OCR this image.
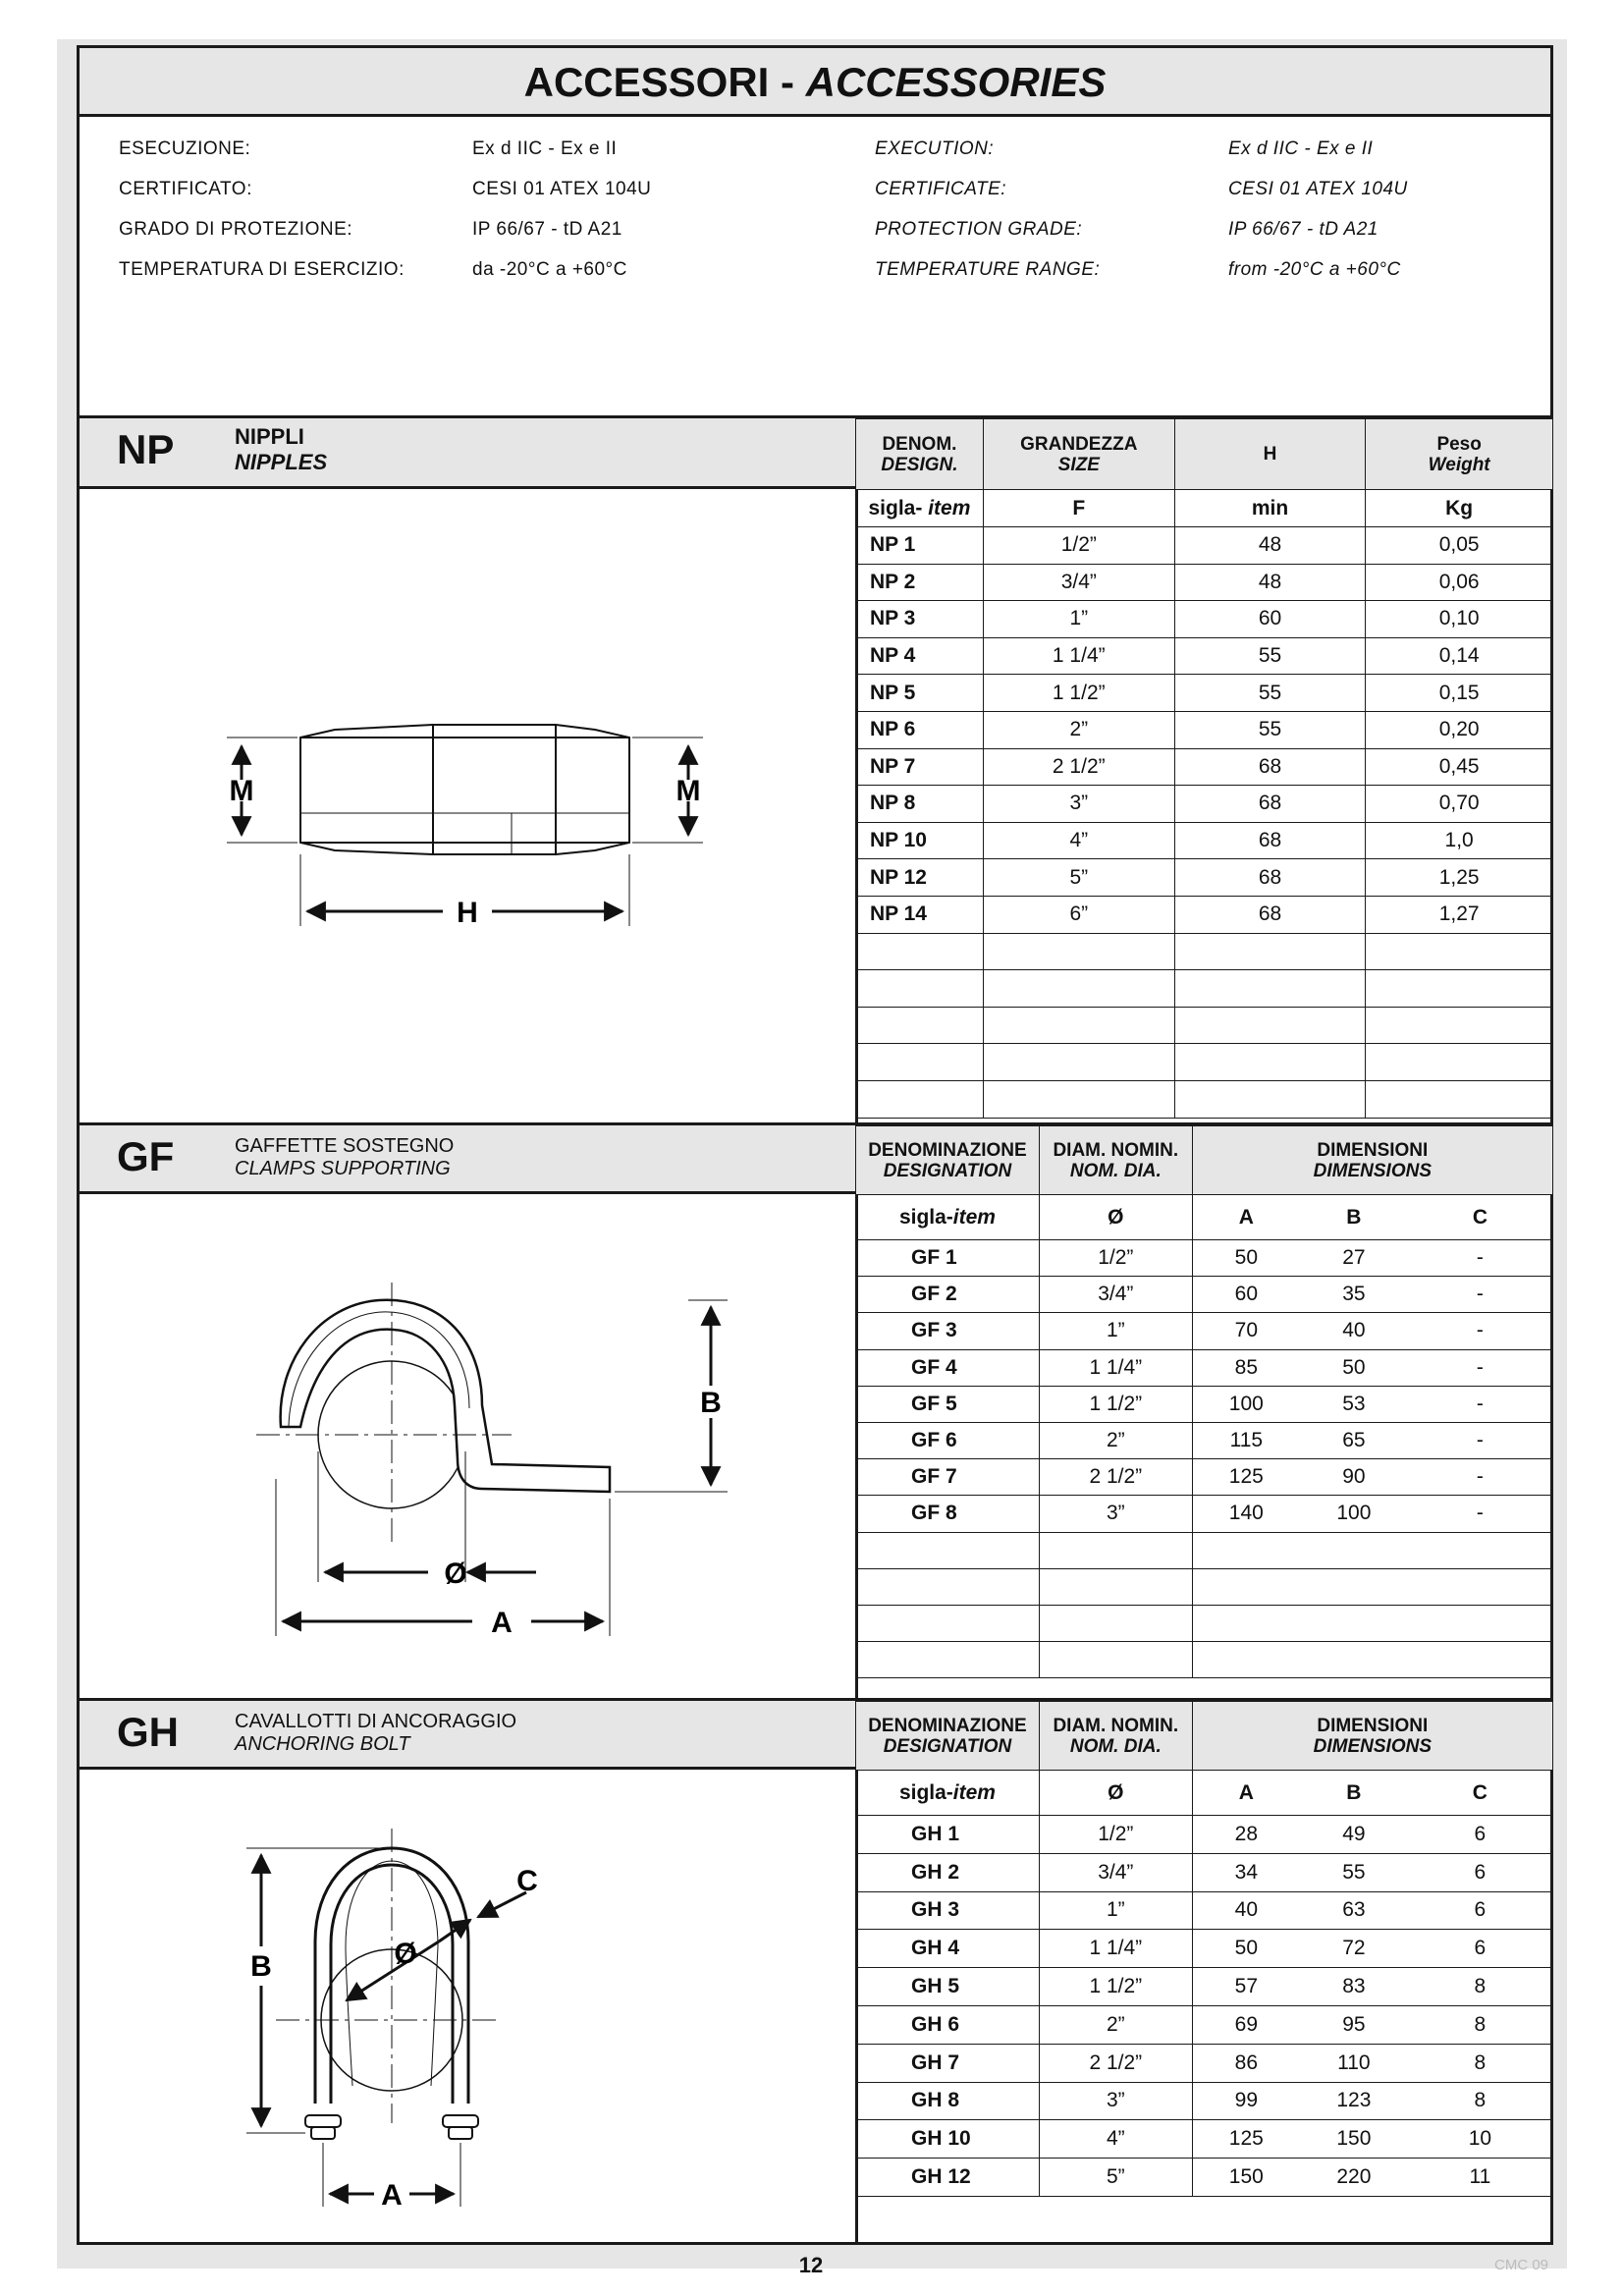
ACCESSORI - ACCESSORIES
ESECUZIONE:	Ex d IIC - Ex e II	EXECUTION:	Ex d IIC - Ex e II
CERTIFICATO:	CESI 01 ATEX 104U	CERTIFICATE:	CESI 01 ATEX 104U
GRADO DI PROTEZIONE:	IP 66/67 - tD A21	PROTECTION GRADE:	IP 66/67 - tD A21
TEMPERATURA DI ESERCIZIO:	da -20°C a +60°C	TEMPERATURE RANGE:	from -20°C a +60°C
NP	NIPPLI
NIPPLES
DENOM.
DESIGN.	GRANDEZZA
SIZE	H	Peso
Weight
sigla- item	F	min	Kg
NP 1	1/2”	48	0,05
NP 2	3/4”	48	0,06
NP 3	1”	60	0,10
NP 4	1 1/4”	55	0,14
NP 5	1 1/2”	55	0,15
NP 6	2”	55	0,20
NP 7	2 1/2”	68	0,45
NP 8	3”	68	0,70
NP 10	4”	68	1,0
NP 12	5”	68	1,25
NP 14	6”	68	1,27

M	M
H
GF	GAFFETTE SOSTEGNO
CLAMPS SUPPORTING
DENOMINAZIONE
DESIGNATION	DIAM. NOMIN.
NOM. DIA.	DIMENSIONI
DIMENSIONS		
sigla-item	Ø	A	B	C
GF 1	1/2”	50	27	-
GF 2	3/4”	60	35	-
GF 3	1”	70	40	-
GF 4	1 1/4”	85	50	-
GF 5	1 1/2”	100	53	-
GF 6	2”	115	65	-
GF 7	2 1/2”	125	90	-
GF 8	3”	140	100	-

B
Ø
A
GH	CAVALLOTTI DI ANCORAGGIO
ANCHORING BOLT
DENOMINAZIONE
DESIGNATION	DIAM. NOMIN.
NOM. DIA.	DIMENSIONI
DIMENSIONS		
sigla-item	Ø	A	B	C
GH 1	1/2”	28	49	6
GH 2	3/4”	34	55	6
GH 3	1”	40	63	6
GH 4	1 1/4”	50	72	6
GH 5	1 1/2”	57	83	8
GH 6	2”	69	95	8
GH 7	2 1/2”	86	110	8
GH 8	3”	99	123	8
GH 10	4”	125	150	10
GH 12	5”	150	220	11
B
C
Ø
A
12	CMC 09
